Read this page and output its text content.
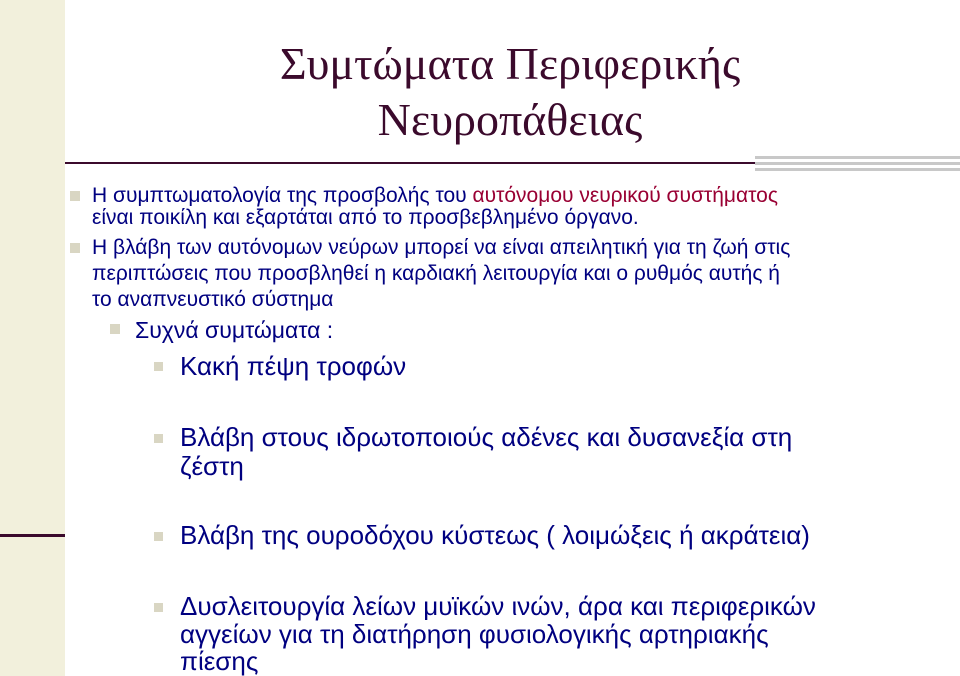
Συμτώματα Περιφερικής
Νευροπάθειας
Η συμπτωματολογία της προσβολής του αυτόνομου νευρικού συστήματος
είναι ποικίλη και εξαρτάται από το προσβεβλημένο όργανο.
Η βλάβη των αυτόνομων νεύρων μπορεί να είναι απειλητική για τη ζωή στις
περιπτώσεις που προσβληθεί η καρδιακή λειτουργία και ο ρυθμός αυτής ή
το αναπνευστικό σύστημα
Συχνά συμτώματα :
Κακή πέψη τροφών
Βλάβη στους ιδρωτοποιούς αδένες και δυσανεξία στη
ζέστη
Βλάβη της ουροδόχου κύστεως ( λοιμώξεις ή ακράτεια)
Δυσλειτουργία λείων μυϊκών ινών, άρα και περιφερικών
αγγείων για τη διατήρηση φυσιολογικής αρτηριακής
πίεσης
